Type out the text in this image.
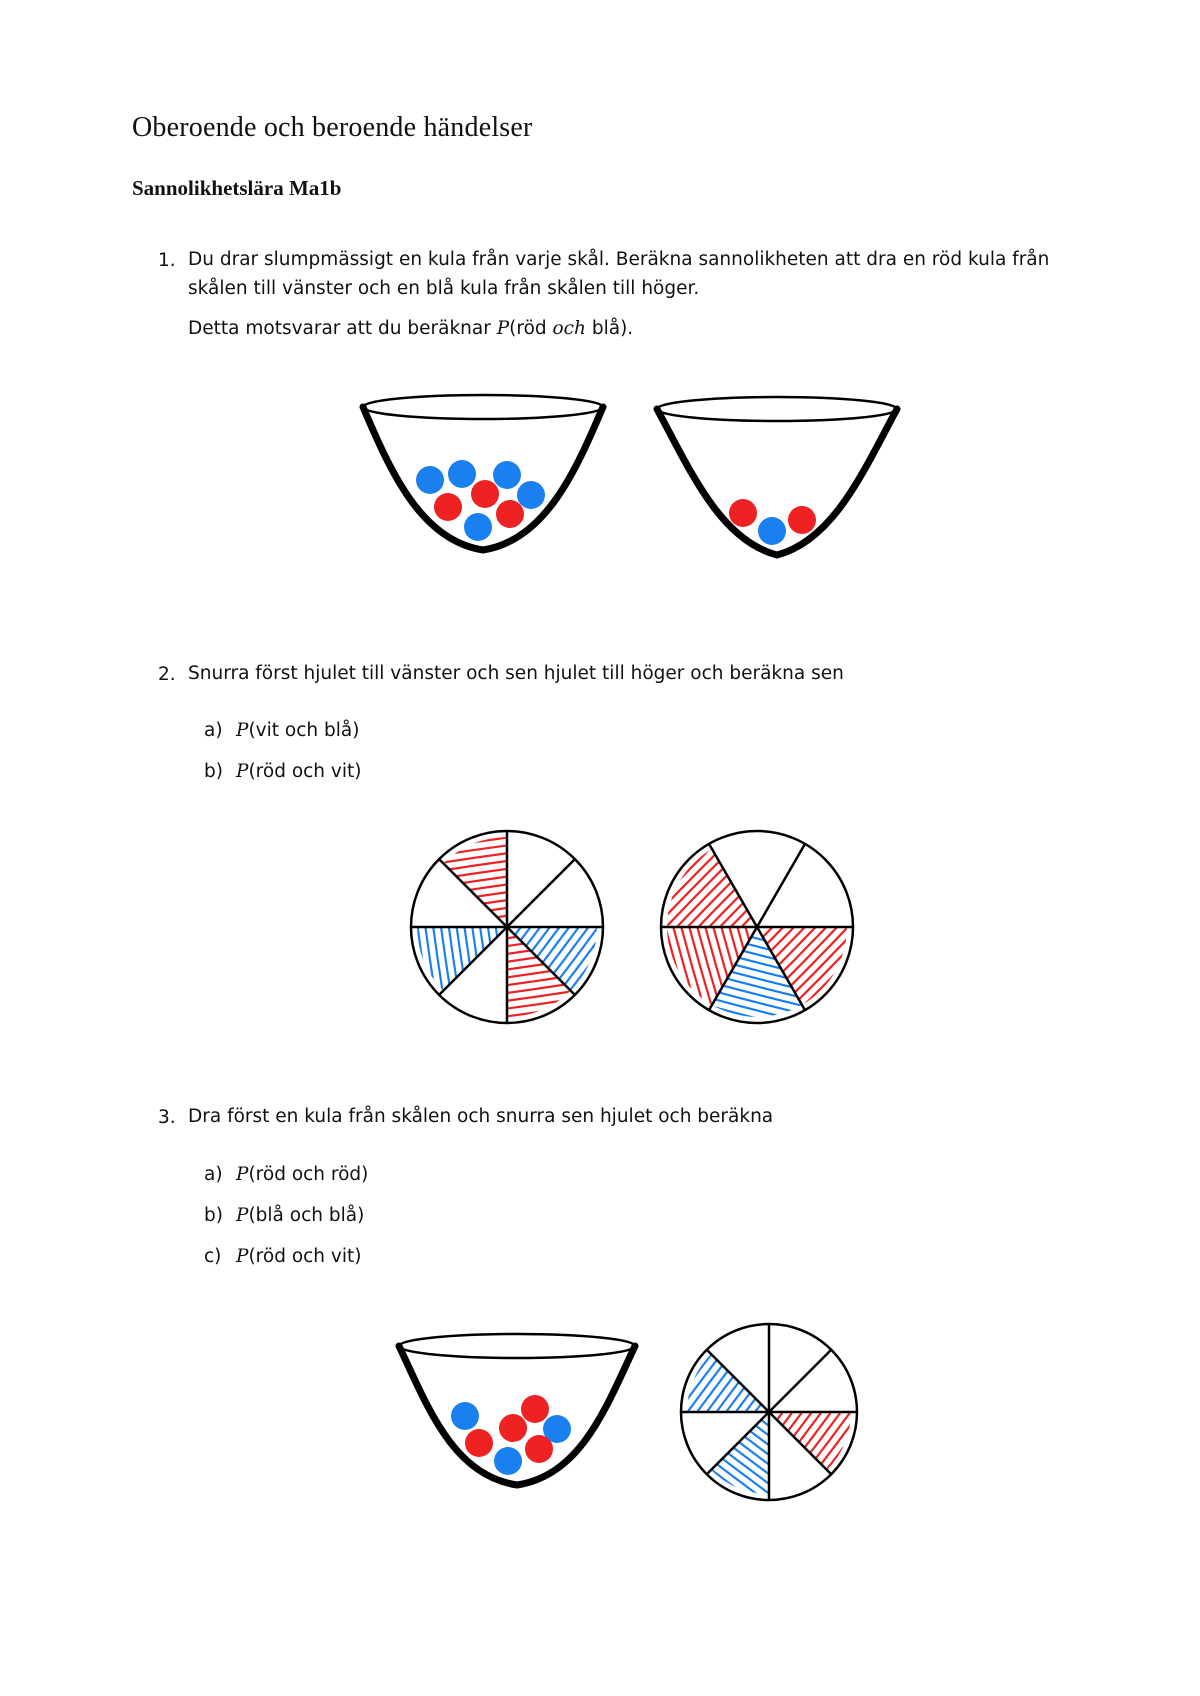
Oberoende och beroende händelser
Sannolikhetslära Ma1b
1. Du drar slumpmässigt en kula från varje skål. Beräkna sannolikheten att dra en röd kula från
skålen till vänster och en blå kula från skålen till höger.
Detta motsvarar att du beräknar P(röd och blå).
2. Snurra först hjulet till vänster och sen hjulet till höger och beräkna sen
a) P(vit och blå)
b) P(röd och vit)
3. Dra först en kula från skålen och snurra sen hjulet och beräkna
a) P(röd och röd)
b) P(blå och blå)
c) P(röd och vit)
